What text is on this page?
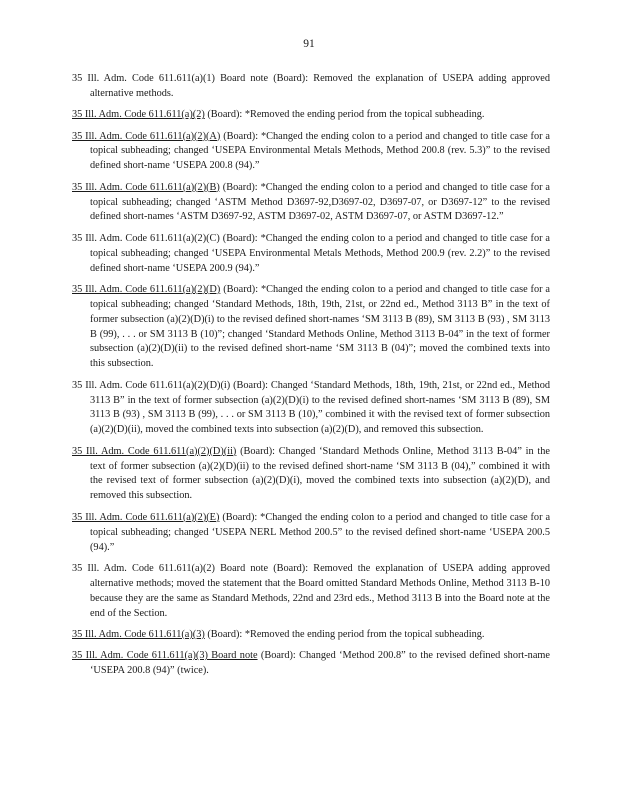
91

35 Ill. Adm. Code 611.611(a)(1) Board note (Board): Removed the explanation of USEPA adding approved alternative methods.

35 Ill. Adm. Code 611.611(a)(2) (Board): *Removed the ending period from the topical subheading.

35 Ill. Adm. Code 611.611(a)(2)(A) (Board): *Changed the ending colon to a period and changed to title case for a topical subheading; changed ‘USEPA Environmental Metals Methods, Method 200.8 (rev. 5.3)” to the revised defined short-name ‘USEPA 200.8 (94).”

35 Ill. Adm. Code 611.611(a)(2)(B) (Board): *Changed the ending colon to a period and changed to title case for a topical subheading; changed ‘ASTM Method D3697-92,D3697-02, D3697-07, or D3697-12” to the revised defined short-names ‘ASTM D3697-92, ASTM D3697-02, ASTM D3697-07, or ASTM D3697-12.”

35 Ill. Adm. Code 611.611(a)(2)(C) (Board): *Changed the ending colon to a period and changed to title case for a topical subheading; changed ‘USEPA Environmental Metals Methods, Method 200.9 (rev. 2.2)” to the revised defined short-name ‘USEPA 200.9 (94).”

35 Ill. Adm. Code 611.611(a)(2)(D) (Board): *Changed the ending colon to a period and changed to title case for a topical subheading; changed ‘Standard Methods, 18th, 19th, 21st, or 22nd ed., Method 3113 B” in the text of former subsection (a)(2)(D)(i) to the revised defined short-names ‘SM 3113 B (89), SM 3113 B (93) , SM 3113 B (99), . . . or SM 3113 B (10)”; changed ‘Standard Methods Online, Method 3113 B-04” in the text of former subsection (a)(2)(D)(ii) to the revised defined short-name ‘SM 3113 B (04)”; moved the combined texts into this subsection.

35 Ill. Adm. Code 611.611(a)(2)(D)(i) (Board): Changed ‘Standard Methods, 18th, 19th, 21st, or 22nd ed., Method 3113 B” in the text of former subsection (a)(2)(D)(i) to the revised defined short-names ‘SM 3113 B (89), SM 3113 B (93) , SM 3113 B (99), . . . or SM 3113 B (10),” combined it with the revised text of former subsection (a)(2)(D)(ii), moved the combined texts into subsection (a)(2)(D), and removed this subsection.

35 Ill. Adm. Code 611.611(a)(2)(D)(ii) (Board): Changed ‘Standard Methods Online, Method 3113 B-04” in the text of former subsection (a)(2)(D)(ii) to the revised defined short-name ‘SM 3113 B (04),” combined it with the revised text of former subsection (a)(2)(D)(i), moved the combined texts into subsection (a)(2)(D), and removed this subsection.

35 Ill. Adm. Code 611.611(a)(2)(E) (Board): *Changed the ending colon to a period and changed to title case for a topical subheading; changed ‘USEPA NERL Method 200.5” to the revised defined short-name ‘USEPA 200.5 (94).”

35 Ill. Adm. Code 611.611(a)(2) Board note (Board): Removed the explanation of USEPA adding approved alternative methods; moved the statement that the Board omitted Standard Methods Online, Method 3113 B-10 because they are the same as Standard Methods, 22nd and 23rd eds., Method 3113 B into the Board note at the end of the Section.

35 Ill. Adm. Code 611.611(a)(3) (Board): *Removed the ending period from the topical subheading.

35 Ill. Adm. Code 611.611(a)(3) Board note (Board): Changed ‘Method 200.8” to the revised defined short-name ‘USEPA 200.8 (94)” (twice).
